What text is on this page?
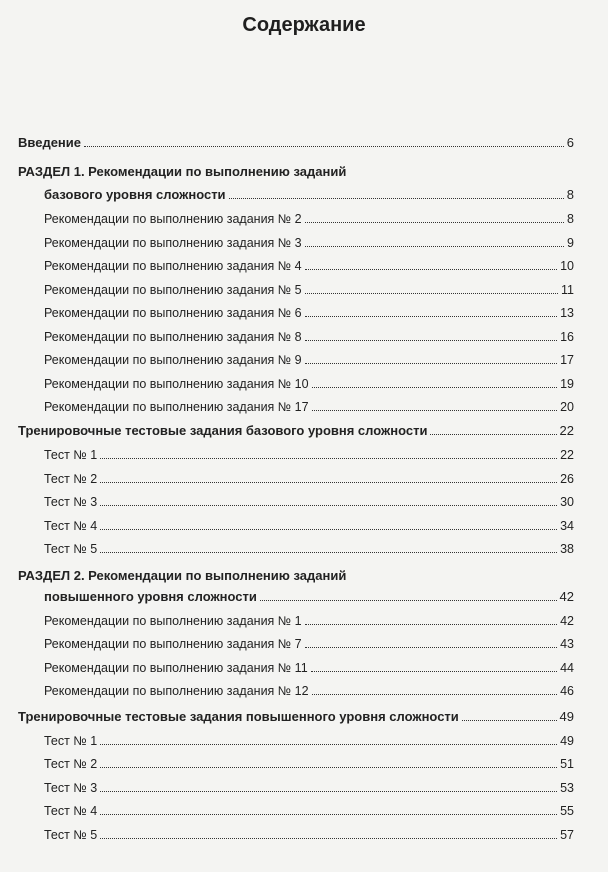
Содержание
Введение	6
РАЗДЕЛ 1. Рекомендации по выполнению заданий
базового уровня сложности	8
Рекомендации по выполнению задания № 2	8
Рекомендации по выполнению задания № 3	9
Рекомендации по выполнению задания № 4	10
Рекомендации по выполнению задания № 5	11
Рекомендации по выполнению задания № 6	13
Рекомендации по выполнению задания № 8	16
Рекомендации по выполнению задания № 9	17
Рекомендации по выполнению задания № 10	19
Рекомендации по выполнению задания № 17	20
Тренировочные тестовые задания базового уровня сложности	22
Тест № 1	22
Тест № 2	26
Тест № 3	30
Тест № 4	34
Тест № 5	38
РАЗДЕЛ 2. Рекомендации по выполнению заданий
повышенного уровня сложности	42
Рекомендации по выполнению задания № 1	42
Рекомендации по выполнению задания № 7	43
Рекомендации по выполнению задания № 11	44
Рекомендации по выполнению задания № 12	46
Тренировочные тестовые задания повышенного уровня сложности	49
Тест № 1	49
Тест № 2	51
Тест № 3	53
Тест № 4	55
Тест № 5	57
